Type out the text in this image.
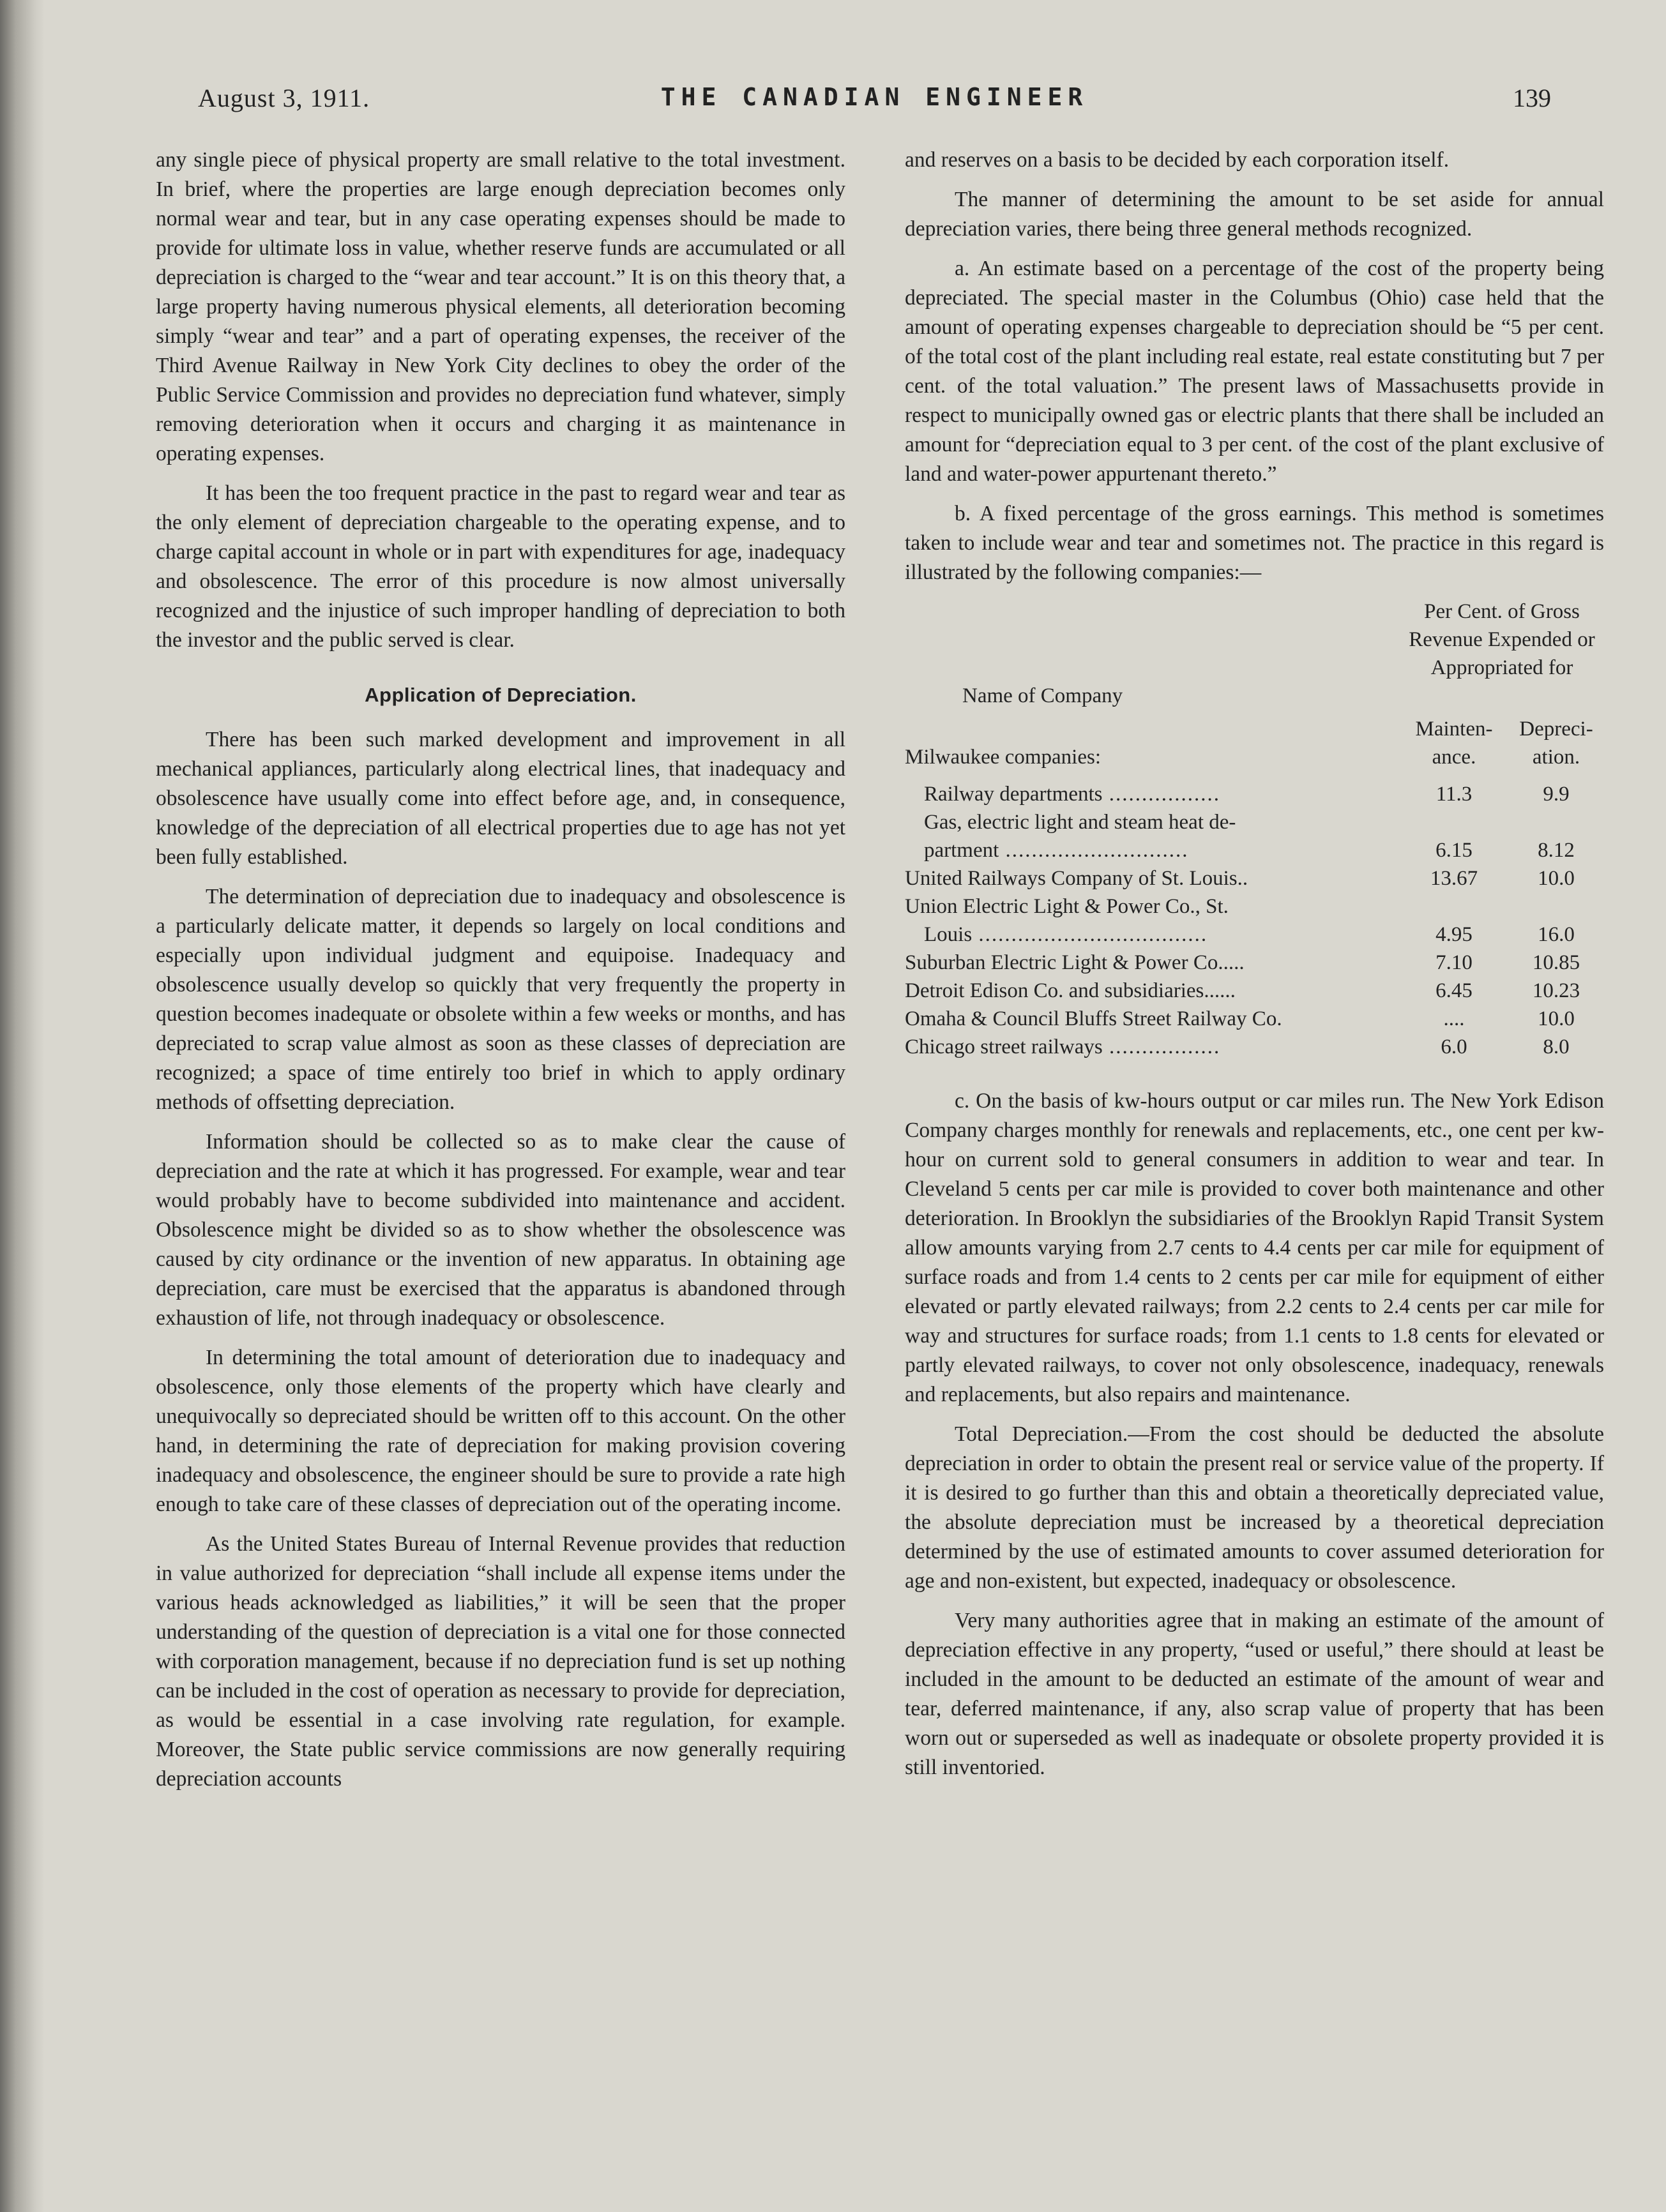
August 3, 1911.	THE CANADIAN ENGINEER	139

any single piece of physical property are small relative to the total investment. In brief, where the properties are large enough depreciation becomes only normal wear and tear, but in any case operating expenses should be made to provide for ultimate loss in value, whether reserve funds are accumulated or all depreciation is charged to the “wear and tear account.” It is on this theory that, a large property having numerous physical elements, all deterioration becoming simply “wear and tear” and a part of operating expenses, the receiver of the Third Avenue Railway in New York City declines to obey the order of the Public Service Commission and provides no depreciation fund whatever, simply removing deterioration when it occurs and charging it as maintenance in operating expenses.

It has been the too frequent practice in the past to regard wear and tear as the only element of depreciation chargeable to the operating expense, and to charge capital account in whole or in part with expenditures for age, inadequacy and obsolescence. The error of this procedure is now almost universally recognized and the injustice of such improper handling of depreciation to both the investor and the public served is clear.

Application of Depreciation.

There has been such marked development and improvement in all mechanical appliances, particularly along electrical lines, that inadequacy and obsolescence have usually come into effect before age, and, in consequence, knowledge of the depreciation of all electrical properties due to age has not yet been fully established.

The determination of depreciation due to inadequacy and obsolescence is a particularly delicate matter, it depends so largely on local conditions and especially upon individual judgment and equipoise. Inadequacy and obsolescence usually develop so quickly that very frequently the property in question becomes inadequate or obsolete within a few weeks or months, and has depreciated to scrap value almost as soon as these classes of depreciation are recognized; a space of time entirely too brief in which to apply ordinary methods of offsetting depreciation.

Information should be collected so as to make clear the cause of depreciation and the rate at which it has progressed. For example, wear and tear would probably have to become subdivided into maintenance and accident. Obsolescence might be divided so as to show whether the obsolescence was caused by city ordinance or the invention of new apparatus. In obtaining age depreciation, care must be exercised that the apparatus is abandoned through exhaustion of life, not through inadequacy or obsolescence.

In determining the total amount of deterioration due to inadequacy and obsolescence, only those elements of the property which have clearly and unequivocally so depreciated should be written off to this account. On the other hand, in determining the rate of depreciation for making provision covering inadequacy and obsolescence, the engineer should be sure to provide a rate high enough to take care of these classes of depreciation out of the operating income.

As the United States Bureau of Internal Revenue provides that reduction in value authorized for depreciation “shall include all expense items under the various heads acknowledged as liabilities,” it will be seen that the proper understanding of the question of depreciation is a vital one for those connected with corporation management, because if no depreciation fund is set up nothing can be included in the cost of operation as necessary to provide for depreciation, as would be essential in a case involving rate regulation, for example. Moreover, the State public service commissions are now generally requiring depreciation accounts

and reserves on a basis to be decided by each corporation itself.

The manner of determining the amount to be set aside for annual depreciation varies, there being three general methods recognized.

a. An estimate based on a percentage of the cost of the property being depreciated. The special master in the Columbus (Ohio) case held that the amount of operating expenses chargeable to depreciation should be “5 per cent. of the total cost of the plant including real estate, real estate constituting but 7 per cent. of the total valuation.” The present laws of Massachusetts provide in respect to municipally owned gas or electric plants that there shall be included an amount for “depreciation equal to 3 per cent. of the cost of the plant exclusive of land and water-power appurtenant thereto.”

b. A fixed percentage of the gross earnings. This method is sometimes taken to include wear and tear and sometimes not. The practice in this regard is illustrated by the following companies:—

Per Cent. of Gross Revenue Expended or Appropriated for
Name of Company
Milwaukee companies:
Mainten- ance.
Depreci- ation.
Railway departments .................	11.3	9.9
Gas, electric light and steam heat de-
partment ............................	6.15	8.12
United Railways Company of St. Louis..	13.67	10.0
Union Electric Light & Power Co., St.
Louis ...................................	4.95	16.0
Suburban Electric Light & Power Co.....	7.10	10.85
Detroit Edison Co. and subsidiaries......	6.45	10.23
Omaha & Council Bluffs Street Railway Co.	....	10.0
Chicago street railways .................	6.0	8.0

c. On the basis of kw-hours output or car miles run. The New York Edison Company charges monthly for renewals and replacements, etc., one cent per kw-hour on current sold to general consumers in addition to wear and tear. In Cleveland 5 cents per car mile is provided to cover both maintenance and other deterioration. In Brooklyn the subsidiaries of the Brooklyn Rapid Transit System allow amounts varying from 2.7 cents to 4.4 cents per car mile for equipment of surface roads and from 1.4 cents to 2 cents per car mile for equipment of either elevated or partly elevated railways; from 2.2 cents to 2.4 cents per car mile for way and structures for surface roads; from 1.1 cents to 1.8 cents for elevated or partly elevated railways, to cover not only obsolescence, inadequacy, renewals and replacements, but also repairs and maintenance.

Total Depreciation.—From the cost should be deducted the absolute depreciation in order to obtain the present real or service value of the property. If it is desired to go further than this and obtain a theoretically depreciated value, the absolute depreciation must be increased by a theoretical depreciation determined by the use of estimated amounts to cover assumed deterioration for age and non-existent, but expected, inadequacy or obsolescence.

Very many authorities agree that in making an estimate of the amount of depreciation effective in any property, “used or useful,” there should at least be included in the amount to be deducted an estimate of the amount of wear and tear, deferred maintenance, if any, also scrap value of property that has been worn out or superseded as well as inadequate or obsolete property provided it is still inventoried.
